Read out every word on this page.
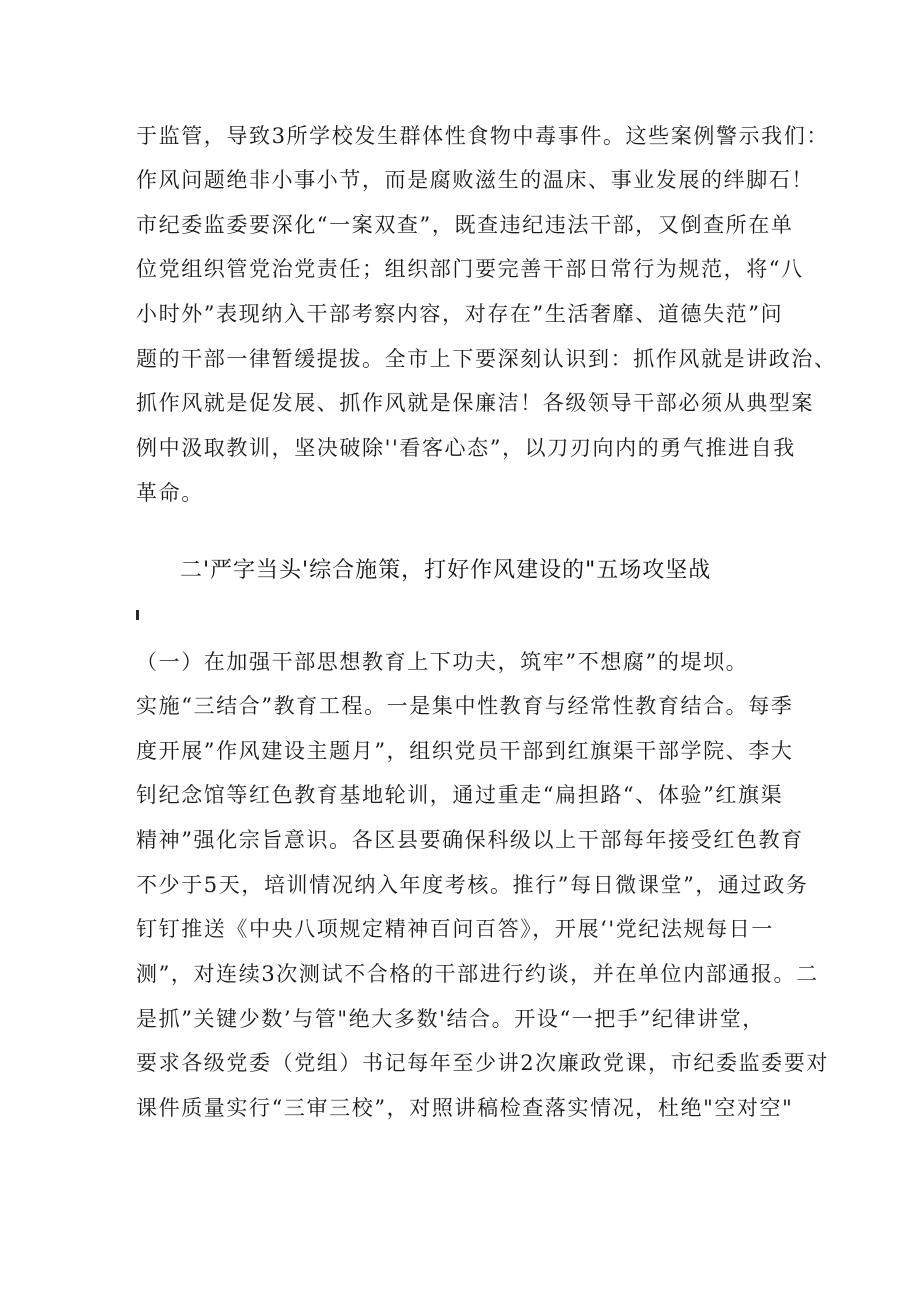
于监管，导致3所学校发生群体性食物中毒事件。这些案例警示我们：
作风问题绝非小事小节，而是腐败滋生的温床、事业发展的绊脚石！
市纪委监委要深化“一案双查”，既查违纪违法干部，又倒查所在单
位党组织管党治党责任；组织部门要完善干部日常行为规范，将“八
小时外”表现纳入干部考察内容，对存在”生活奢靡、道德失范”问
题的干部一律暂缓提拔。全市上下要深刻认识到：抓作风就是讲政治、
抓作风就是促发展、抓作风就是保廉洁！各级领导干部必须从典型案
例中汲取教训，坚决破除''看客心态”，以刀刃向内的勇气推进自我
革命。
二'严字当头'综合施策，打好作风建设的"五场攻坚战
（一）在加强干部思想教育上下功夫，筑牢”不想腐”的堤坝。
实施“三结合”教育工程。一是集中性教育与经常性教育结合。每季
度开展”作风建设主题月”，组织党员干部到红旗渠干部学院、李大
钊纪念馆等红色教育基地轮训，通过重走“扁担路“、体验”红旗渠
精神”强化宗旨意识。各区县要确保科级以上干部每年接受红色教育
不少于5天，培训情况纳入年度考核。推行”每日微课堂”，通过政务
钉钉推送《中央八项规定精神百问百答》，开展‘'党纪法规每日一
测”，对连续3次测试不合格的干部进行约谈，并在单位内部通报。二
是抓”关键少数’与管"绝大多数'结合。开设“一把手”纪律讲堂，
要求各级党委（党组）书记每年至少讲2次廉政党课，市纪委监委要对
课件质量实行“三审三校”，对照讲稿检查落实情况，杜绝"空对空"
